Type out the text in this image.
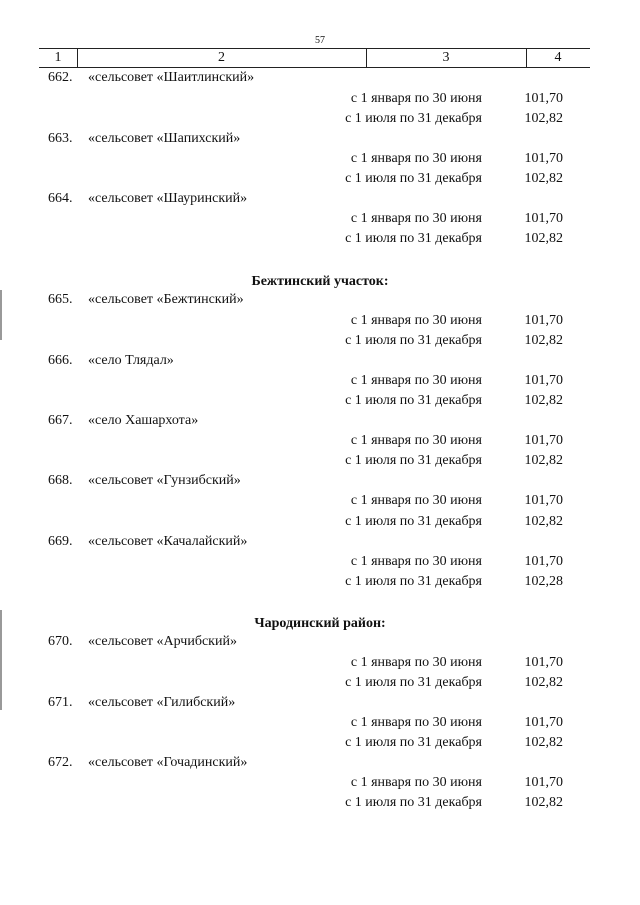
57
1	2	3	4
662. «сельсовет «Шаитлинский»
с 1 января по 30 июня	101,70
с 1 июля по 31 декабря	102,82
663. «сельсовет «Шапихский»
с 1 января по 30 июня	101,70
с 1 июля по 31 декабря	102,82
664. «сельсовет «Шауринский»
с 1 января по 30 июня	101,70
с 1 июля по 31 декабря	102,82
Бежтинский участок:
665. «сельсовет «Бежтинский»
с 1 января по 30 июня	101,70
с 1 июля по 31 декабря	102,82
666. «село Тлядал»
с 1 января по 30 июня	101,70
с 1 июля по 31 декабря	102,82
667. «село Хашархота»
с 1 января по 30 июня	101,70
с 1 июля по 31 декабря	102,82
668. «сельсовет «Гунзибский»
с 1 января по 30 июня	101,70
с 1 июля по 31 декабря	102,82
669. «сельсовет «Качалайский»
с 1 января по 30 июня	101,70
с 1 июля по 31 декабря	102,28
Чародинский район:
670. «сельсовет «Арчибский»
с 1 января по 30 июня	101,70
с 1 июля по 31 декабря	102,82
671. «сельсовет «Гилибский»
с 1 января по 30 июня	101,70
с 1 июля по 31 декабря	102,82
672. «сельсовет «Гочадинский»
с 1 января по 30 июня	101,70
с 1 июля по 31 декабря	102,82
